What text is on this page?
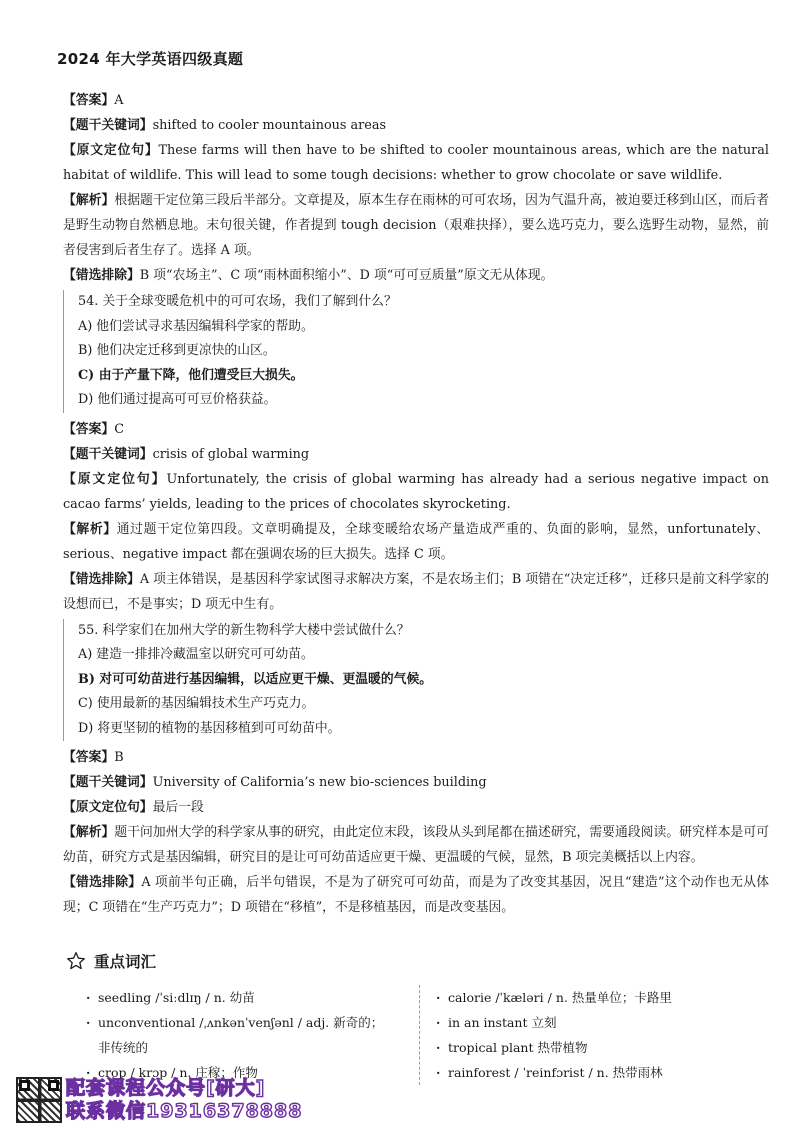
2024 年大学英语四级真题

【答案】A

【题干关键词】shifted to cooler mountainous areas

【原文定位句】These farms will then have to be shifted to cooler mountainous areas, which are the natural habitat of wildlife. This will lead to some tough decisions: whether to grow chocolate or save wildlife.

【解析】根据题干定位第三段后半部分。文章提及，原本生存在雨林的可可农场，因为气温升高，被迫要迁移到山区，而后者是野生动物自然栖息地。末句很关键，作者提到 tough decision（艰难抉择），要么选巧克力，要么选野生动物，显然，前者侵害到后者生存了。选择 A 项。

【错选排除】B 项“农场主”、C 项“雨林面积缩小”、D 项“可可豆质量”原文无从体现。

54. 关于全球变暖危机中的可可农场，我们了解到什么？
A) 他们尝试寻求基因编辑科学家的帮助。
B) 他们决定迁移到更凉快的山区。
C) 由于产量下降，他们遭受巨大损失。
D) 他们通过提高可可豆价格获益。

【答案】C

【题干关键词】crisis of global warming

【原文定位句】Unfortunately, the crisis of global warming has already had a serious negative impact on cacao farms’ yields, leading to the prices of chocolates skyrocketing.

【解析】通过题干定位第四段。文章明确提及，全球变暖给农场产量造成严重的、负面的影响，显然，unfortunately、serious、negative impact 都在强调农场的巨大损失。选择 C 项。

【错选排除】A 项主体错误，是基因科学家试图寻求解决方案，不是农场主们；B 项错在“决定迁移”，迁移只是前文科学家的设想而已，不是事实；D 项无中生有。

55. 科学家们在加州大学的新生物科学大楼中尝试做什么？
A) 建造一排排冷藏温室以研究可可幼苗。
B) 对可可幼苗进行基因编辑，以适应更干燥、更温暖的气候。
C) 使用最新的基因编辑技术生产巧克力。
D) 将更坚韧的植物的基因移植到可可幼苗中。

【答案】B

【题干关键词】University of California’s new bio-sciences building

【原文定位句】最后一段

【解析】题干问加州大学的科学家从事的研究，由此定位末段，该段从头到尾都在描述研究，需要通段阅读。研究样本是可可幼苗，研究方式是基因编辑，研究目的是让可可幼苗适应更干燥、更温暖的气候，显然，B 项完美概括以上内容。

【错选排除】A 项前半句正确，后半句错误，不是为了研究可可幼苗，而是为了改变其基因，况且“建造”这个动作也无从体现；C 项错在“生产巧克力”；D 项错在“移植”，不是移植基因，而是改变基因。

重点词汇
· seedling /ˈsiːdlɪŋ / n. 幼苗
· unconventional /ˌʌnkənˈvenʃənl / adj. 新奇的；
非传统的
· crop / krɔp / n. 庄稼；作物
· calorie /ˈkæləri / n. 热量单位；卡路里
· in an instant 立刻
· tropical plant 热带植物
· rainforest / ˈreinfɔrist / n. 热带雨林
配套课程公众号[研大]
联系微信19316378888
